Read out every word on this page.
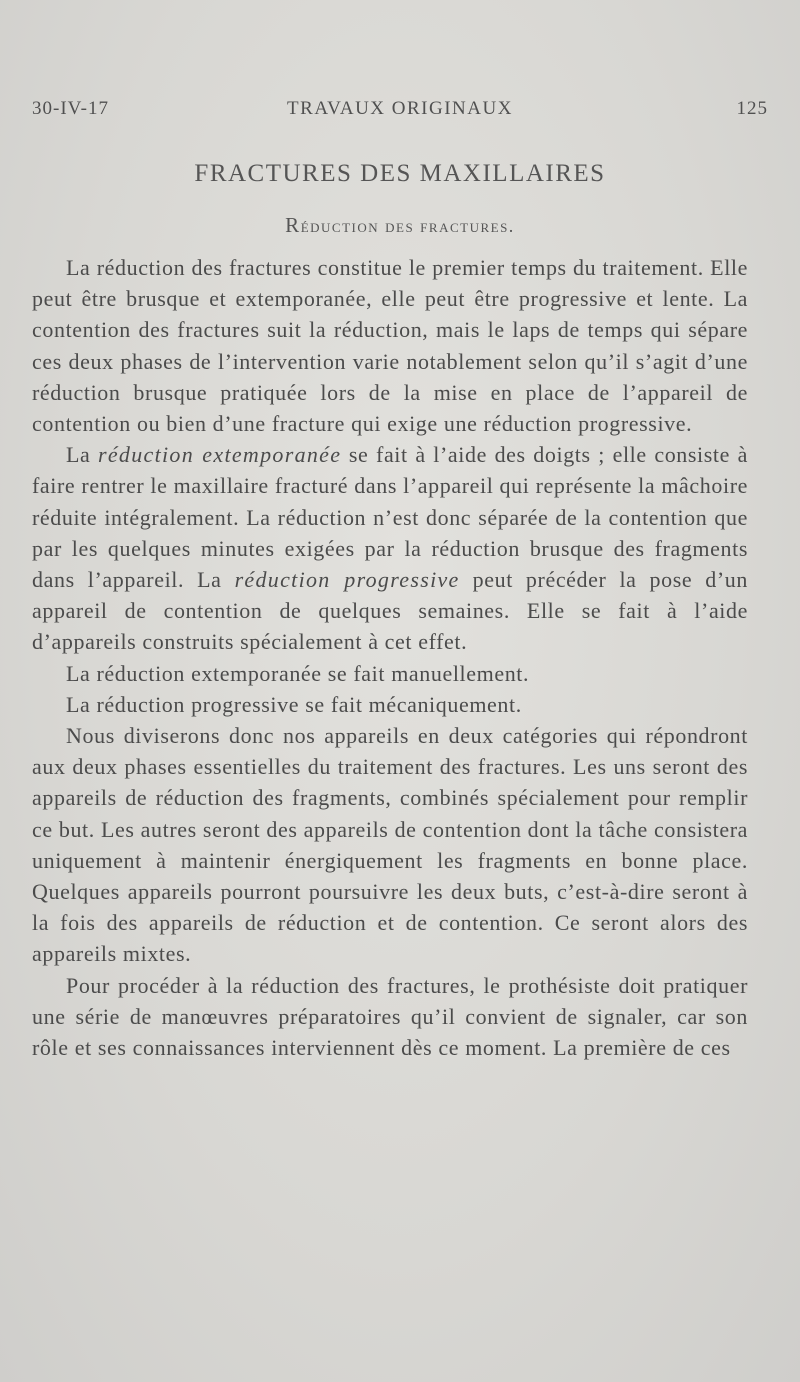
TRAVAUX ORIGINAUX
30-IV-17	125
FRACTURES DES MAXILLAIRES
Réduction des fractures.

La réduction des fractures constitue le premier temps du traitement. Elle peut être brusque et extemporanée, elle peut être progressive et lente. La contention des fractures suit la réduction, mais le laps de temps qui sépare ces deux phases de l’intervention varie notablement selon qu’il s’agit d’une réduction brusque pratiquée lors de la mise en place de l’appareil de contention ou bien d’une fracture qui exige une réduction progressive.

La réduction extemporanée se fait à l’aide des doigts ; elle consiste à faire rentrer le maxillaire fracturé dans l’appareil qui représente la mâchoire réduite intégralement. La réduction n’est donc séparée de la contention que par les quelques minutes exigées par la réduction brusque des fragments dans l’appareil. La réduction progressive peut précéder la pose d’un appareil de contention de quelques semaines. Elle se fait à l’aide d’appareils construits spécialement à cet effet.

La réduction extemporanée se fait manuellement.

La réduction progressive se fait mécaniquement.

Nous diviserons donc nos appareils en deux catégories qui répondront aux deux phases essentielles du traitement des fractures. Les uns seront des appareils de réduction des fragments, combinés spécialement pour remplir ce but. Les autres seront des appareils de contention dont la tâche consistera uniquement à maintenir énergiquement les fragments en bonne place. Quelques appareils pourront poursuivre les deux buts, c’est-à-dire seront à la fois des appareils de réduction et de contention. Ce seront alors des appareils mixtes.

Pour procéder à la réduction des fractures, le prothésiste doit pratiquer une série de manœuvres préparatoires qu’il convient de signaler, car son rôle et ses connaissances interviennent dès ce moment. La première de ces
